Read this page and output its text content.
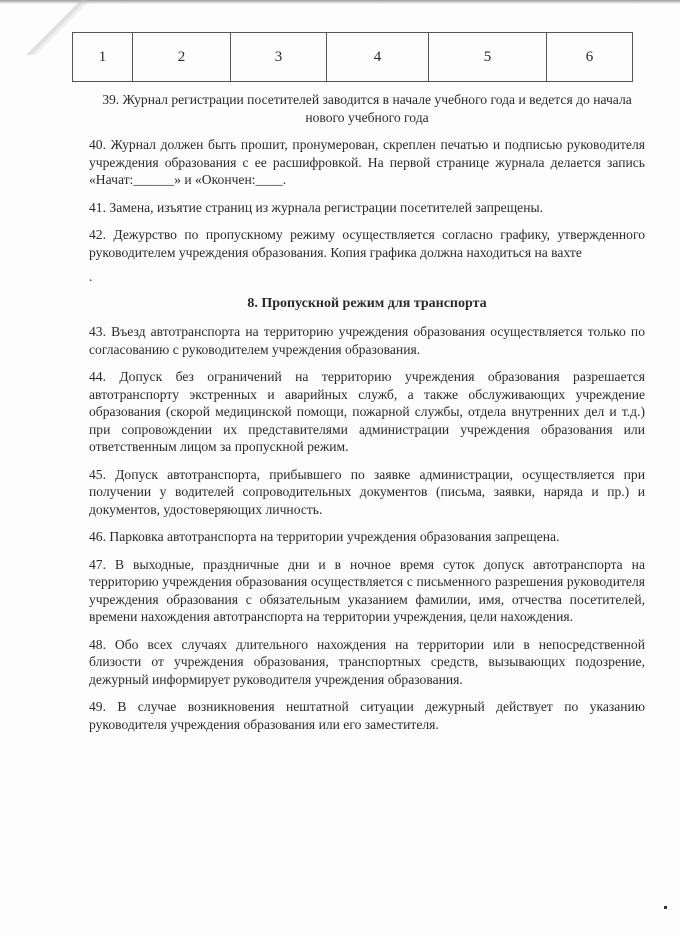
1	2	3	4	5	6

39. Журнал регистрации посетителей заводится в начале учебного года и ведется до начала нового учебного года

40. Журнал должен быть прошит, пронумерован, скреплен печатью и подписью руководителя учреждения образования с ее расшифровкой. На первой странице журнала делается запись «Начат:______» и «Окончен:____.

41. Замена, изъятие страниц из журнала регистрации посетителей запрещены.

42. Дежурство по пропускному режиму осуществляется согласно графику, утвержденного руководителем учреждения образования. Копия графика должна находиться на вахте

.

8. Пропускной режим для транспорта

43. Въезд автотранспорта на территорию учреждения образования осуществляется только по согласованию с руководителем учреждения образования.

44. Допуск без ограничений на территорию учреждения образования разрешается автотранспорту экстренных и аварийных служб, а также обслуживающих учреждение образования (скорой медицинской помощи, пожарной службы, отдела внутренних дел и т.д.) при сопровождении их представителями администрации учреждения образования или ответственным лицом за пропускной режим.

45. Допуск автотранспорта, прибывшего по заявке администрации, осуществляется при получении у водителей сопроводительных документов (письма, заявки, наряда и пр.) и документов, удостоверяющих личность.

46. Парковка автотранспорта на территории учреждения образования запрещена.

47. В выходные, праздничные дни и в ночное время суток допуск автотранспорта на территорию учреждения образования осуществляется с письменного разрешения руководителя учреждения образования с обязательным указанием фамилии, имя, отчества посетителей, времени нахождения автотранспорта на территории учреждения, цели нахождения.

48. Обо всех случаях длительного нахождения на территории или в непосредственной близости от учреждения образования, транспортных средств, вызывающих подозрение, дежурный информирует руководителя учреждения образования.

49. В случае возникновения нештатной ситуации дежурный действует по указанию руководителя учреждения образования или его заместителя.
